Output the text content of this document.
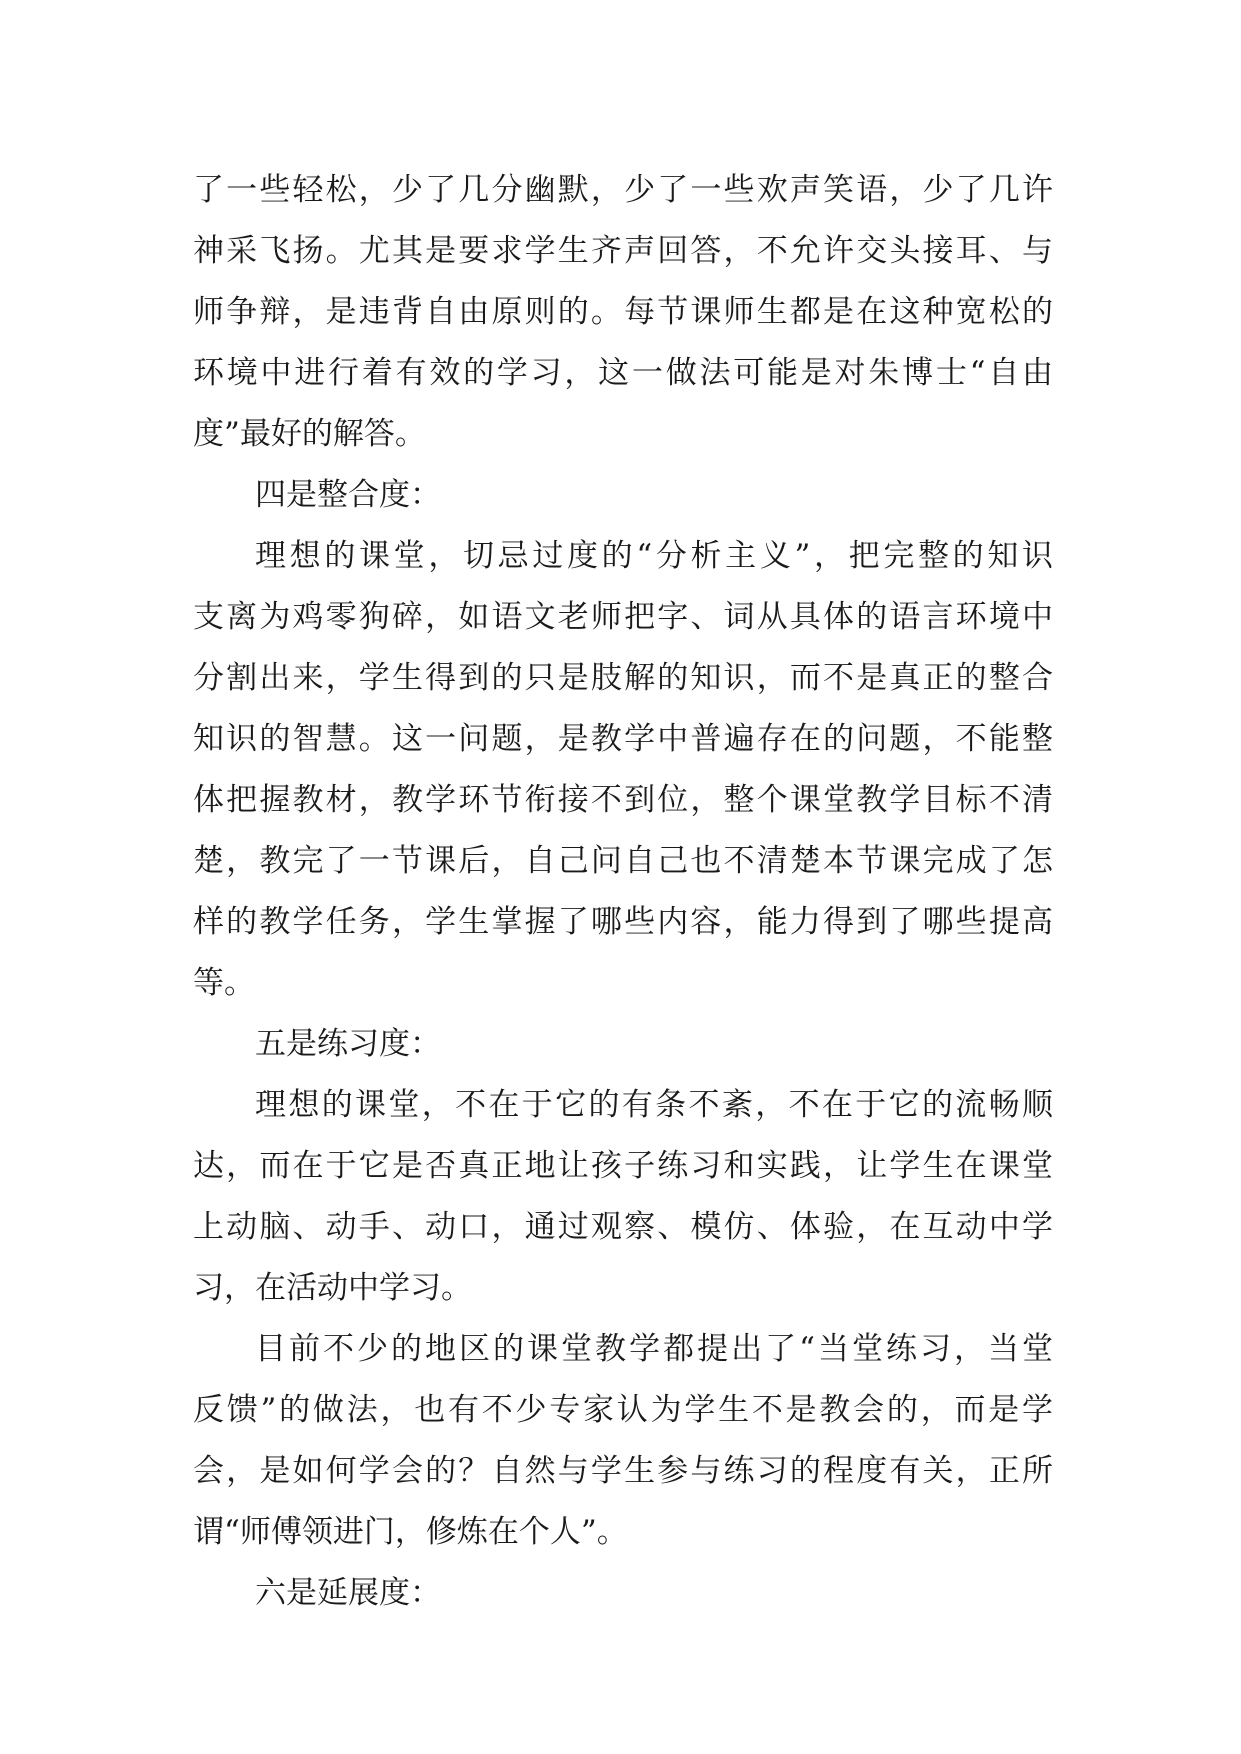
了一些轻松，少了几分幽默，少了一些欢声笑语，少了几许
神采飞扬。尤其是要求学生齐声回答，不允许交头接耳、与
师争辩，是违背自由原则的。每节课师生都是在这种宽松的
环境中进行着有效的学习，这一做法可能是对朱博士“自由
度”最好的解答。
四是整合度：
理想的课堂，切忌过度的“分析主义”，把完整的知识
支离为鸡零狗碎，如语文老师把字、词从具体的语言环境中
分割出来，学生得到的只是肢解的知识，而不是真正的整合
知识的智慧。这一问题，是教学中普遍存在的问题，不能整
体把握教材，教学环节衔接不到位，整个课堂教学目标不清
楚，教完了一节课后，自己问自己也不清楚本节课完成了怎
样的教学任务，学生掌握了哪些内容，能力得到了哪些提高
等。
五是练习度：
理想的课堂，不在于它的有条不紊，不在于它的流畅顺
达，而在于它是否真正地让孩子练习和实践，让学生在课堂
上动脑、动手、动口，通过观察、模仿、体验，在互动中学
习，在活动中学习。
目前不少的地区的课堂教学都提出了“当堂练习，当堂
反馈”的做法，也有不少专家认为学生不是教会的，而是学
会，是如何学会的？自然与学生参与练习的程度有关，正所
谓“师傅领进门，修炼在个人”。
六是延展度：
